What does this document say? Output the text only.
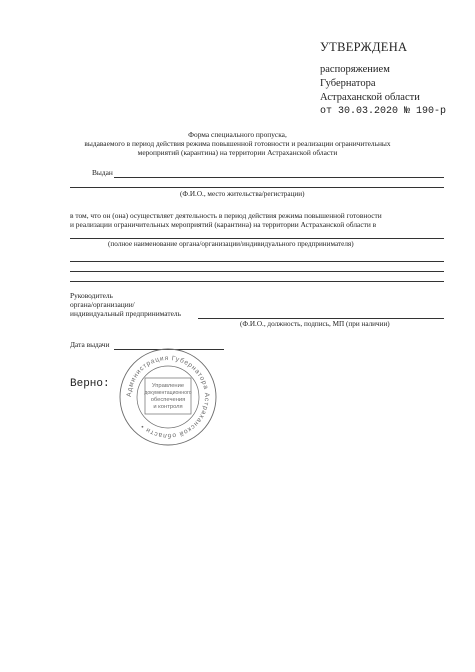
УТВЕРЖДЕНА
распоряжением
Губернатора
Астраханской области
от 30.03.2020 № 190-р
Форма специального пропуска,
выдаваемого в период действия режима повышенной готовности и реализации ограничительных
мероприятий (карантина) на территории Астраханской области
Выдан
(Ф.И.О., место жительства/регистрации)
в том, что он (она) осуществляет деятельность в период действия режима повышенной готовности
и реализации ограничительных мероприятий (карантина) на территории Астраханской области в
(полное наименование органа/организации/индивидуального предпринимателя)
Руководитель
органа/организации/
индивидуальный предприниматель
(Ф.И.О., должность, подпись, МП (при наличии)
Дата выдачи
Верно:
Администрация Губернатора Астраханской области •
Управление
документационного
обеспечения
и контроля
